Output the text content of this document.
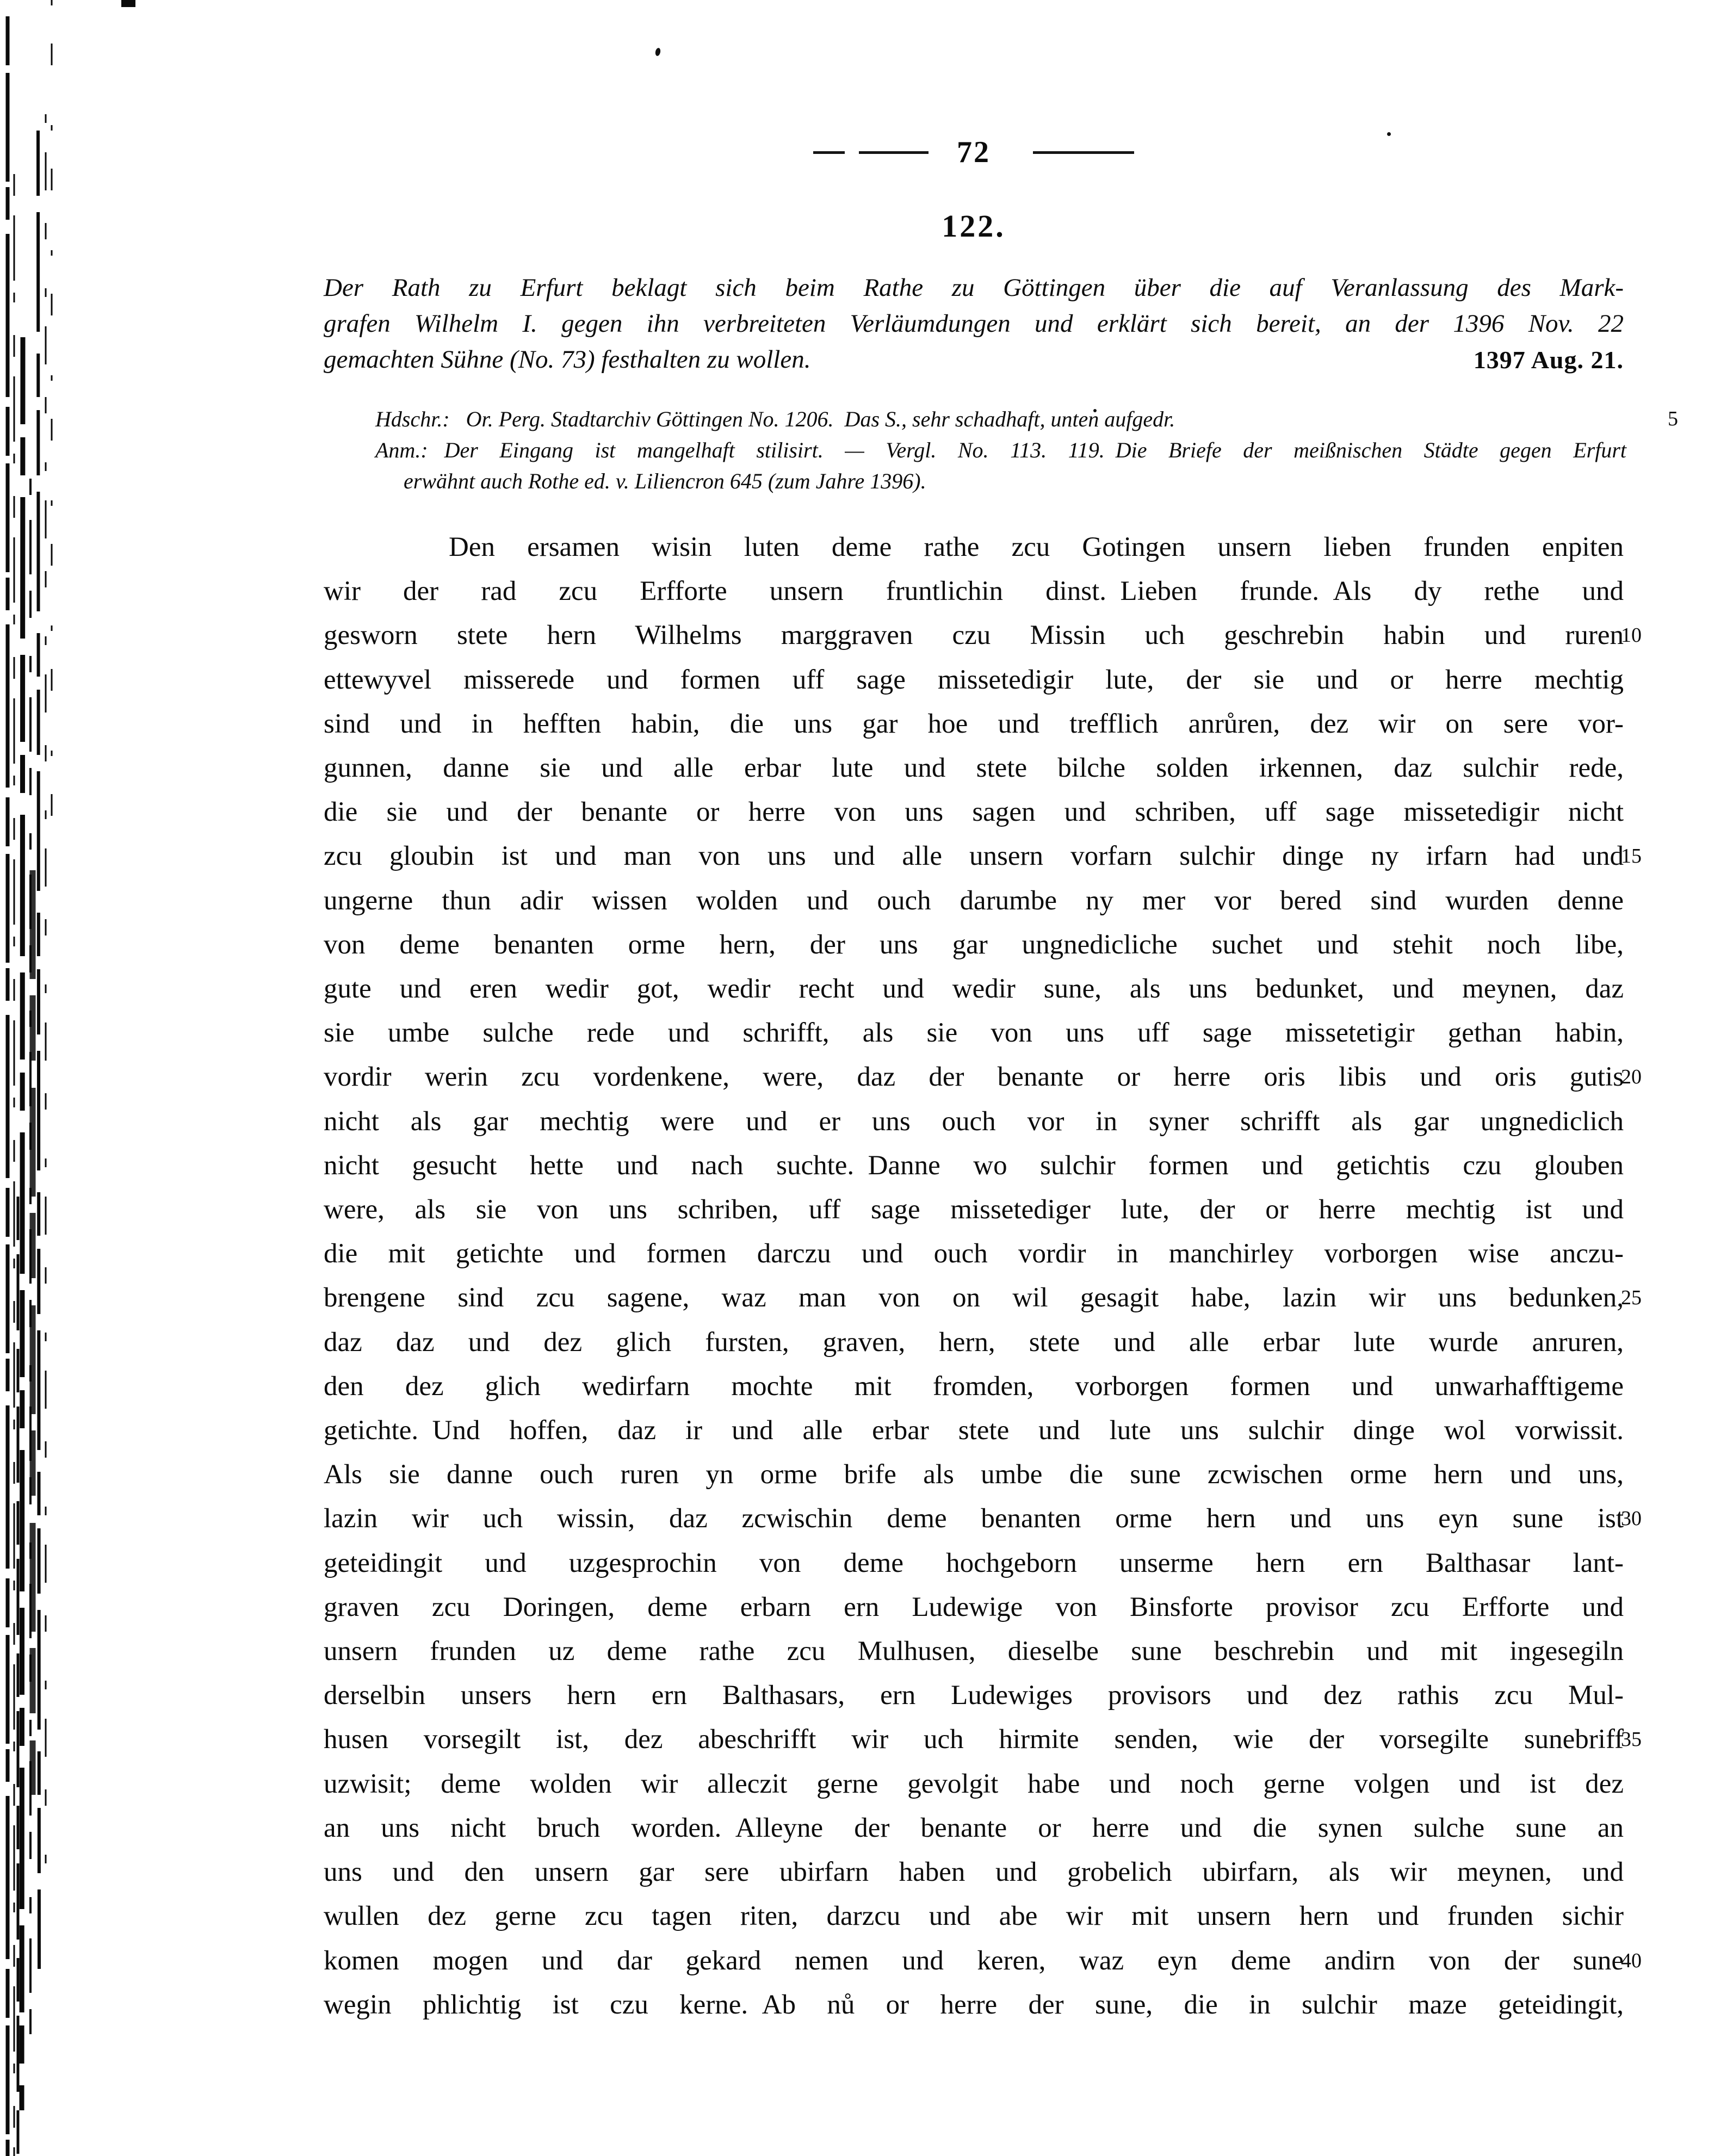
72
122.
Der Rath zu Erfurt beklagt sich beim Rathe zu Göttingen über die auf Veranlassung des Mark-
grafen Wilhelm I. gegen ihn verbreiteten Verläumdungen und erklärt sich bereit, an der 1396 Nov. 22
gemachten Sühne (No. 73) festhalten zu wollen.	1397 Aug. 21.
Hdschr.: Or. Perg. Stadtarchiv Göttingen No. 1206. Das S., sehr schadhaft, unten aufgedr.	5
Anm.: Der Eingang ist mangelhaft stilisirt. — Vergl. No. 113. 119. Die Briefe der meißnischen Städte gegen Erfurt
erwähnt auch Rothe ed. v. Liliencron 645 (zum Jahre 1396).
Den ersamen wisin luten deme rathe zcu Gotingen unsern lieben frunden enpiten
wir der rad zcu Erfforte unsern fruntlichin dinst. Lieben frunde. Als dy rethe und
gesworn stete hern Wilhelms marggraven czu Missin uch geschrebin habin und ruren
10
ettewyvel misserede und formen uff sage missetedigir lute, der sie und or herre mechtig
sind und in hefften habin, die uns gar hoe und trefflich anrůren, dez wir on sere vor-
gunnen, danne sie und alle erbar lute und stete bilche solden irkennen, daz sulchir rede,
die sie und der benante or herre von uns sagen und schriben, uff sage missetedigir nicht
zcu gloubin ist und man von uns und alle unsern vorfarn sulchir dinge ny irfarn had und
15
ungerne thun adir wissen wolden und ouch darumbe ny mer vor bered sind wurden denne
von deme benanten orme hern, der uns gar ungnedicliche suchet und stehit noch libe,
gute und eren wedir got, wedir recht und wedir sune, als uns bedunket, und meynen, daz
sie umbe sulche rede und schrifft, als sie von uns uff sage missetetigir gethan habin,
vordir werin zcu vordenkene, were, daz der benante or herre oris libis und oris gutis
20
nicht als gar mechtig were und er uns ouch vor in syner schrifft als gar ungnediclich
nicht gesucht hette und nach suchte. Danne wo sulchir formen und getichtis czu glouben
were, als sie von uns schriben, uff sage missetediger lute, der or herre mechtig ist und
die mit getichte und formen darczu und ouch vordir in manchirley vorborgen wise anczu-
brengene sind zcu sagene, waz man von on wil gesagit habe, lazin wir uns bedunken,
25
daz daz und dez glich fursten, graven, hern, stete und alle erbar lute wurde anruren,
den dez glich wedirfarn mochte mit fromden, vorborgen formen und unwarhafftigeme
getichte. Und hoffen, daz ir und alle erbar stete und lute uns sulchir dinge wol vorwissit.
Als sie danne ouch ruren yn orme brife als umbe die sune zcwischen orme hern und uns,
lazin wir uch wissin, daz zcwischin deme benanten orme hern und uns eyn sune ist
30
geteidingit und uzgesprochin von deme hochgeborn unserme hern ern Balthasar lant-
graven zcu Doringen, deme erbarn ern Ludewige von Binsforte provisor zcu Erfforte und
unsern frunden uz deme rathe zcu Mulhusen, dieselbe sune beschrebin und mit ingesegiln
derselbin unsers hern ern Balthasars, ern Ludewiges provisors und dez rathis zcu Mul-
husen vorsegilt ist, dez abeschrifft wir uch hirmite senden, wie der vorsegilte sunebriff
35
uzwisit; deme wolden wir alleczit gerne gevolgit habe und noch gerne volgen und ist dez
an uns nicht bruch worden. Alleyne der benante or herre und die synen sulche sune an
uns und den unsern gar sere ubirfarn haben und grobelich ubirfarn, als wir meynen, und
wullen dez gerne zcu tagen riten, darzcu und abe wir mit unsern hern und frunden sichir
komen mogen und dar gekard nemen und keren, waz eyn deme andirn von der sune
40
wegin phlichtig ist czu kerne. Ab nů or herre der sune, die in sulchir maze geteidingit,
